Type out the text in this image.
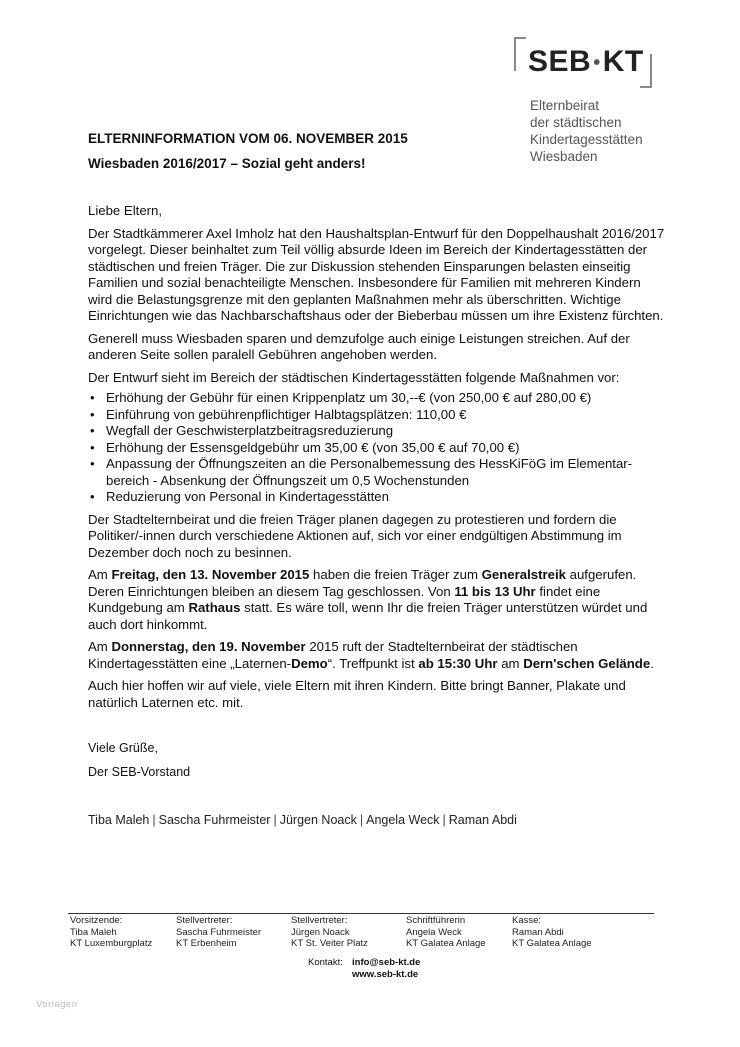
SEB •KT
Elternbeirat
der städtischen
Kindertagesstätten
Wiesbaden
ELTERNINFORMATION VOM 06. NOVEMBER 2015
Wiesbaden 2016/2017 – Sozial geht anders!

Liebe Eltern,

Der Stadtkämmerer Axel Imholz hat den Haushaltsplan-Entwurf für den Doppelhaushalt 2016/2017 vorgelegt. Dieser beinhaltet zum Teil völlig absurde Ideen im Bereich der Kindertagesstätten der städtischen und freien Träger. Die zur Diskussion stehenden Einsparungen belasten einseitig Familien und sozial benachteiligte Menschen. Insbesondere für Familien mit mehreren Kindern wird die Belastungsgrenze mit den geplanten Maßnahmen mehr als überschritten. Wichtige Einrichtungen wie das Nachbarschaftshaus oder der Bieberbau müssen um ihre Existenz fürchten.

Generell muss Wiesbaden sparen und demzufolge auch einige Leistungen streichen. Auf der anderen Seite sollen paralell Gebühren angehoben werden.

Der Entwurf sieht im Bereich der städtischen Kindertagesstätten folgende Maßnahmen vor:

• Erhöhung der Gebühr für einen Krippenplatz um 30,--€ (von 250,00 € auf 280,00 €)
• Einführung von gebührenpflichtiger Halbtagsplätzen: 110,00 €
• Wegfall der Geschwisterplatzbeitragsreduzierung
• Erhöhung der Essensgeldgebühr um 35,00 € (von 35,00 € auf 70,00 €)
• Anpassung der Öffnungszeiten an die Personalbemessung des HessKiFöG im Elementar-bereich - Absenkung der Öffnungszeit um 0,5 Wochenstunden
• Reduzierung von Personal in Kindertagesstätten

Der Stadtelternbeirat und die freien Träger planen dagegen zu protestieren und fordern die Politiker/-innen durch verschiedene Aktionen auf, sich vor einer endgültigen Abstimmung im Dezember doch noch zu besinnen.

Am Freitag, den 13. November 2015 haben die freien Träger zum Generalstreik aufgerufen. Deren Einrichtungen bleiben an diesem Tag geschlossen. Von 11 bis 13 Uhr findet eine Kundgebung am Rathaus statt. Es wäre toll, wenn Ihr die freien Träger unterstützen würdet und auch dort hinkommt.

Am Donnerstag, den 19. November 2015 ruft der Stadtelternbeirat der städtischen Kindertagesstätten eine „Laternen-Demo“. Treffpunkt ist ab 15:30 Uhr am Dern'schen Gelände.

Auch hier hoffen wir auf viele, viele Eltern mit ihren Kindern. Bitte bringt Banner, Plakate und natürlich Laternen etc. mit.

Viele Grüße,
Der SEB-Vorstand
Tiba Maleh | Sascha Fuhrmeister | Jürgen Noack | Angela Weck | Raman Abdi
Vorsitzende:
Tiba Maleh
KT Luxemburgplatz
Stellvertreter:
Sascha Fuhrmeister
KT Erbenheim
Stellvertreter:
Jürgen Noack
KT St. Veiter Platz
Schriftführerin
Angela Weck
KT Galatea Anlage
Kasse:
Raman Abdi
KT Galatea Anlage
Kontakt: info@seb-kt.de
www.seb-kt.de
Vorlagen
